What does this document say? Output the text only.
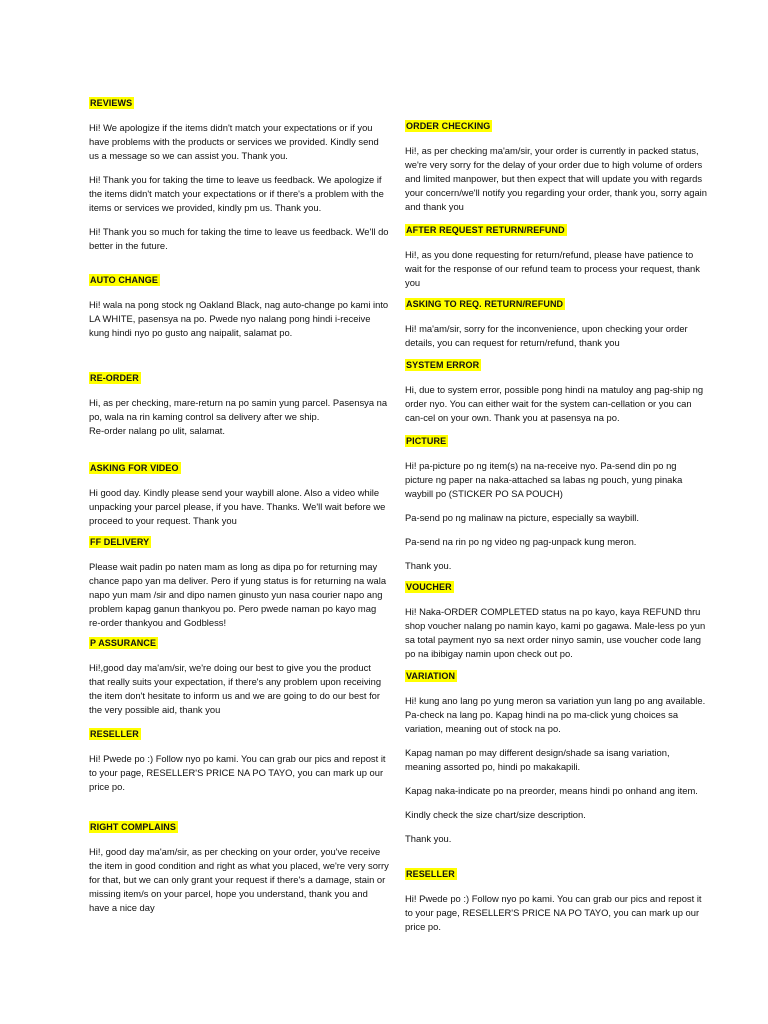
REVIEWS

Hi! We apologize if the items didn't match your expectations or if you have problems with the products or services we provided. Kindly send us a message so we can assist you. Thank you.

Hi! Thank you for taking the time to leave us feedback. We apologize if the items didn't match your expectations or if there's a problem with the items or services we provided, kindly pm us. Thank you.

Hi! Thank you so much for taking the time to leave us feedback. We'll do better in the future.

AUTO CHANGE

Hi! wala na pong stock ng Oakland Black, nag auto-change po kami into LA WHITE, pasensya na po. Pwede nyo nalang pong hindi i-receive kung hindi nyo po gusto ang naipalit, salamat po.

RE-ORDER

Hi, as per checking, mare-return na po samin yung parcel. Pasensya na po, wala na rin kaming control sa delivery after we ship.

Re-order nalang po ulit, salamat.

ASKING FOR VIDEO

Hi good day. Kindly please send your waybill alone. Also a video while unpacking your parcel please, if you have. Thanks. We'll wait before we proceed to your request. Thank you

FF DELIVERY

Please wait padin po naten mam as long as dipa po for returning may chance papo yan ma deliver. Pero if yung status is for returning na wala napo yun mam /sir and dipo namen ginusto yun nasa courier napo ang problem kapag ganun thankyou po. Pero pwede naman po kayo mag re-order thankyou and Godbless!

P ASSURANCE

Hi!,good day ma'am/sir, we're doing our best to give you the product that really suits your expectation, if there's any problem upon receiving the item don't hesitate to inform us and we are going to do our best for the very possible aid, thank you

RESELLER

Hi! Pwede po :) Follow nyo po kami. You can grab our pics and repost it to your page, RESELLER'S PRICE NA PO TAYO, you can mark up our price po.

RIGHT COMPLAINS

Hi!, good day ma'am/sir, as per checking on your order, you've receive the item in good condition and right as what you placed, we're very sorry for that, but we can only grant your request if there's a damage, stain or missing item/s on your parcel, hope you understand, thank you and have a nice day

ORDER CHECKING

Hi!, as per checking ma'am/sir, your order is currently in packed status, we're very sorry for the delay of your order due to high volume of orders and limited manpower, but then expect that will update you with regards your concern/we'll notify you regarding your order, thank you, sorry again and thank you

AFTER REQUEST RETURN/REFUND

Hi!, as you done requesting for return/refund, please have patience to wait for the response of our refund team to process your request, thank you

ASKING TO REQ. RETURN/REFUND

Hi! ma'am/sir, sorry for the inconvenience, upon checking your order details, you can request for return/refund, thank you

SYSTEM ERROR

Hi, due to system error, possible pong hindi na matuloy ang pag-ship ng order nyo. You can either wait for the system can-cellation or you can can-cel on your own. Thank you at pasensya na po.

PICTURE

Hi! pa-picture po ng item(s) na na-receive nyo. Pa-send din po ng picture ng paper na naka-attached sa labas ng pouch, yung pinaka waybill po (STICKER PO SA POUCH)

Pa-send po ng malinaw na picture, especially sa waybill.

Pa-send na rin po ng video ng pag-unpack kung meron.

Thank you.

VOUCHER

Hi! Naka-ORDER COMPLETED status na po kayo, kaya REFUND thru shop voucher nalang po namin kayo, kami po gagawa. Male-less po yun sa total payment nyo sa next order ninyo samin, use voucher code lang po na ibibigay namin upon check out po.

VARIATION

Hi! kung ano lang po yung meron sa variation yun lang po ang available. Pa-check na lang po. Kapag hindi na po ma-click yung choices sa variation, meaning out of stock na po.

Kapag naman po may different design/shade sa isang variation, meaning assorted po, hindi po makakapili.

Kapag naka-indicate po na preorder, means hindi po onhand ang item.

Kindly check the size chart/size description.

Thank you.

RESELLER

Hi! Pwede po :) Follow nyo po kami. You can grab our pics and repost it to your page, RESELLER'S PRICE NA PO TAYO, you can mark up our price po.
